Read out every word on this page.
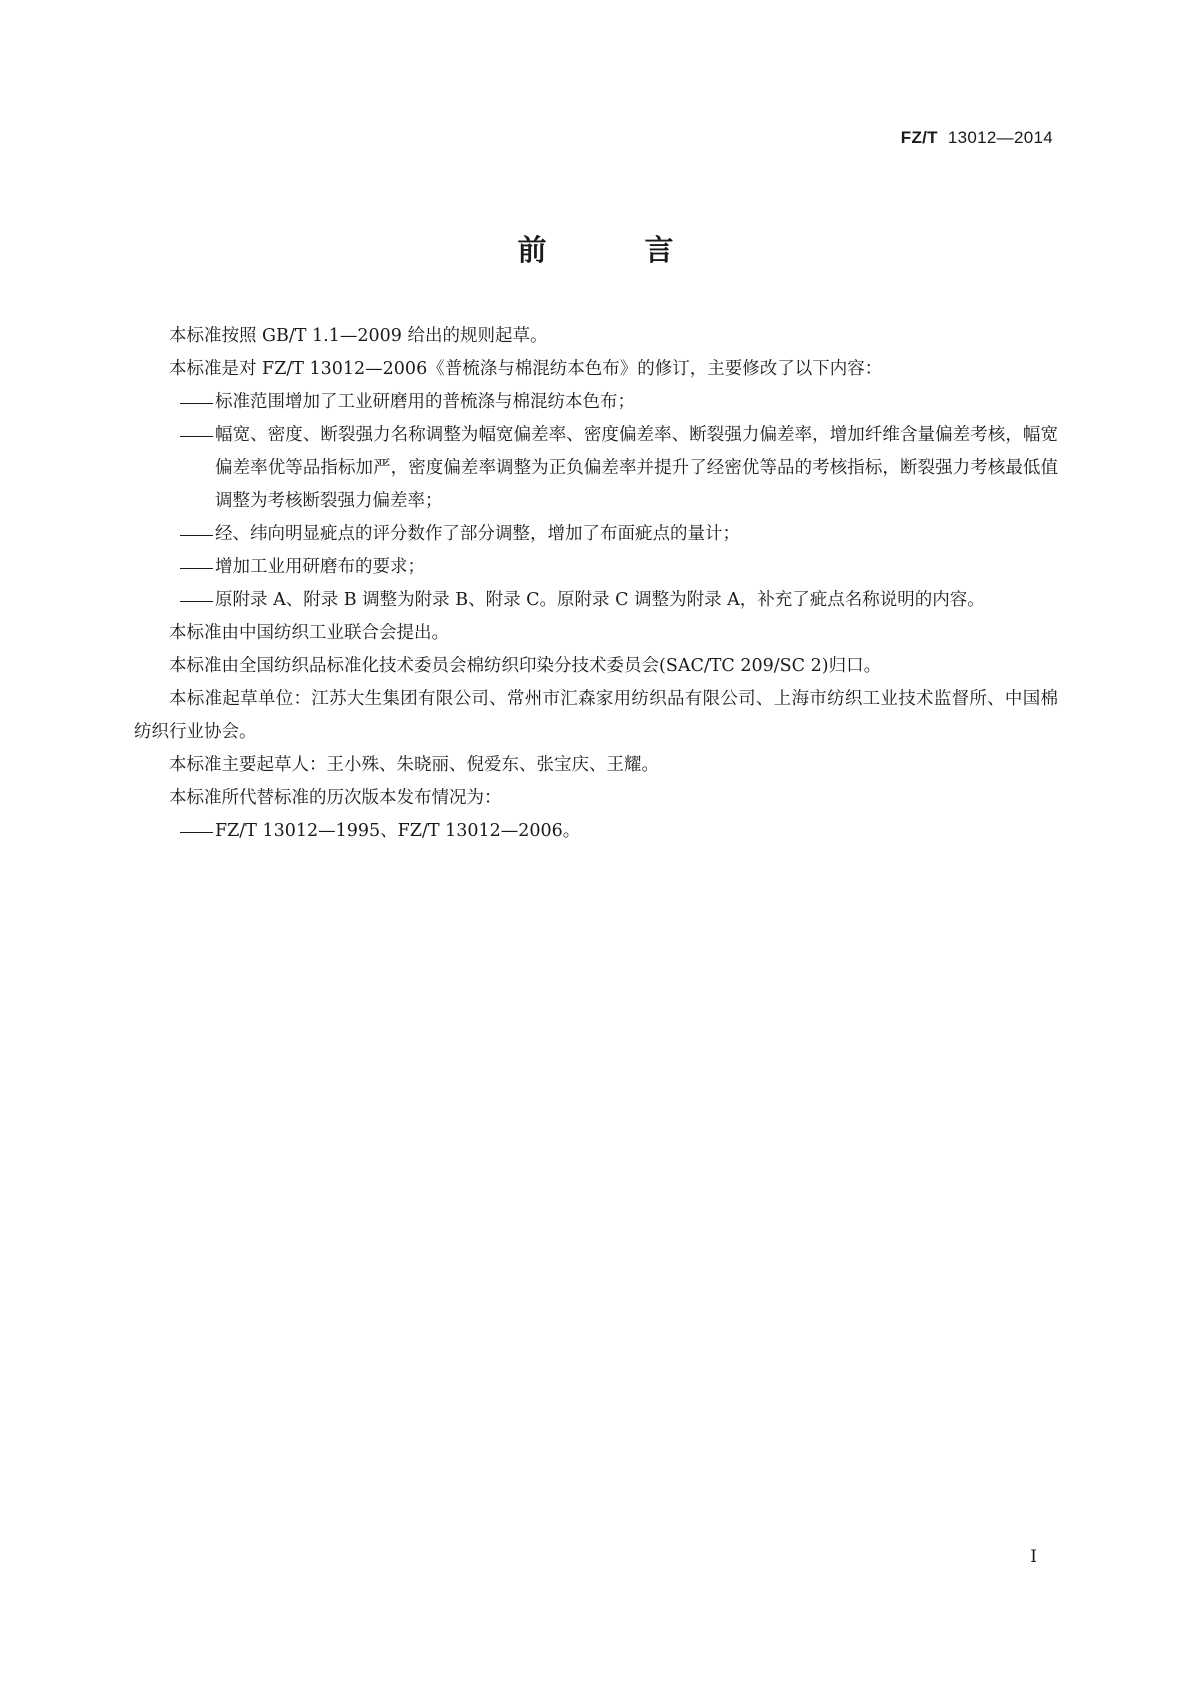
FZ/T 13012—2014
前 言

本标准按照 GB/T 1.1—2009 给出的规则起草。

本标准是对 FZ/T 13012—2006《普梳涤与棉混纺本色布》的修订，主要修改了以下内容：

标准范围增加了工业研磨用的普梳涤与棉混纺本色布；

幅宽、密度、断裂强力名称调整为幅宽偏差率、密度偏差率、断裂强力偏差率，增加纤维含量偏差考核，幅宽偏差率优等品指标加严，密度偏差率调整为正负偏差率并提升了经密优等品的考核指标，断裂强力考核最低值调整为考核断裂强力偏差率；

经、纬向明显疵点的评分数作了部分调整，增加了布面疵点的量计；

增加工业用研磨布的要求；

原附录 A、附录 B 调整为附录 B、附录 C。原附录 C 调整为附录 A，补充了疵点名称说明的内容。

本标准由中国纺织工业联合会提出。

本标准由全国纺织品标准化技术委员会棉纺织印染分技术委员会(SAC/TC 209/SC 2)归口。

本标准起草单位：江苏大生集团有限公司、常州市汇森家用纺织品有限公司、上海市纺织工业技术监督所、中国棉纺织行业协会。

本标准主要起草人：王小殊、朱晓丽、倪爱东、张宝庆、王耀。

本标准所代替标准的历次版本发布情况为：

FZ/T 13012—1995、FZ/T 13012—2006。

I
